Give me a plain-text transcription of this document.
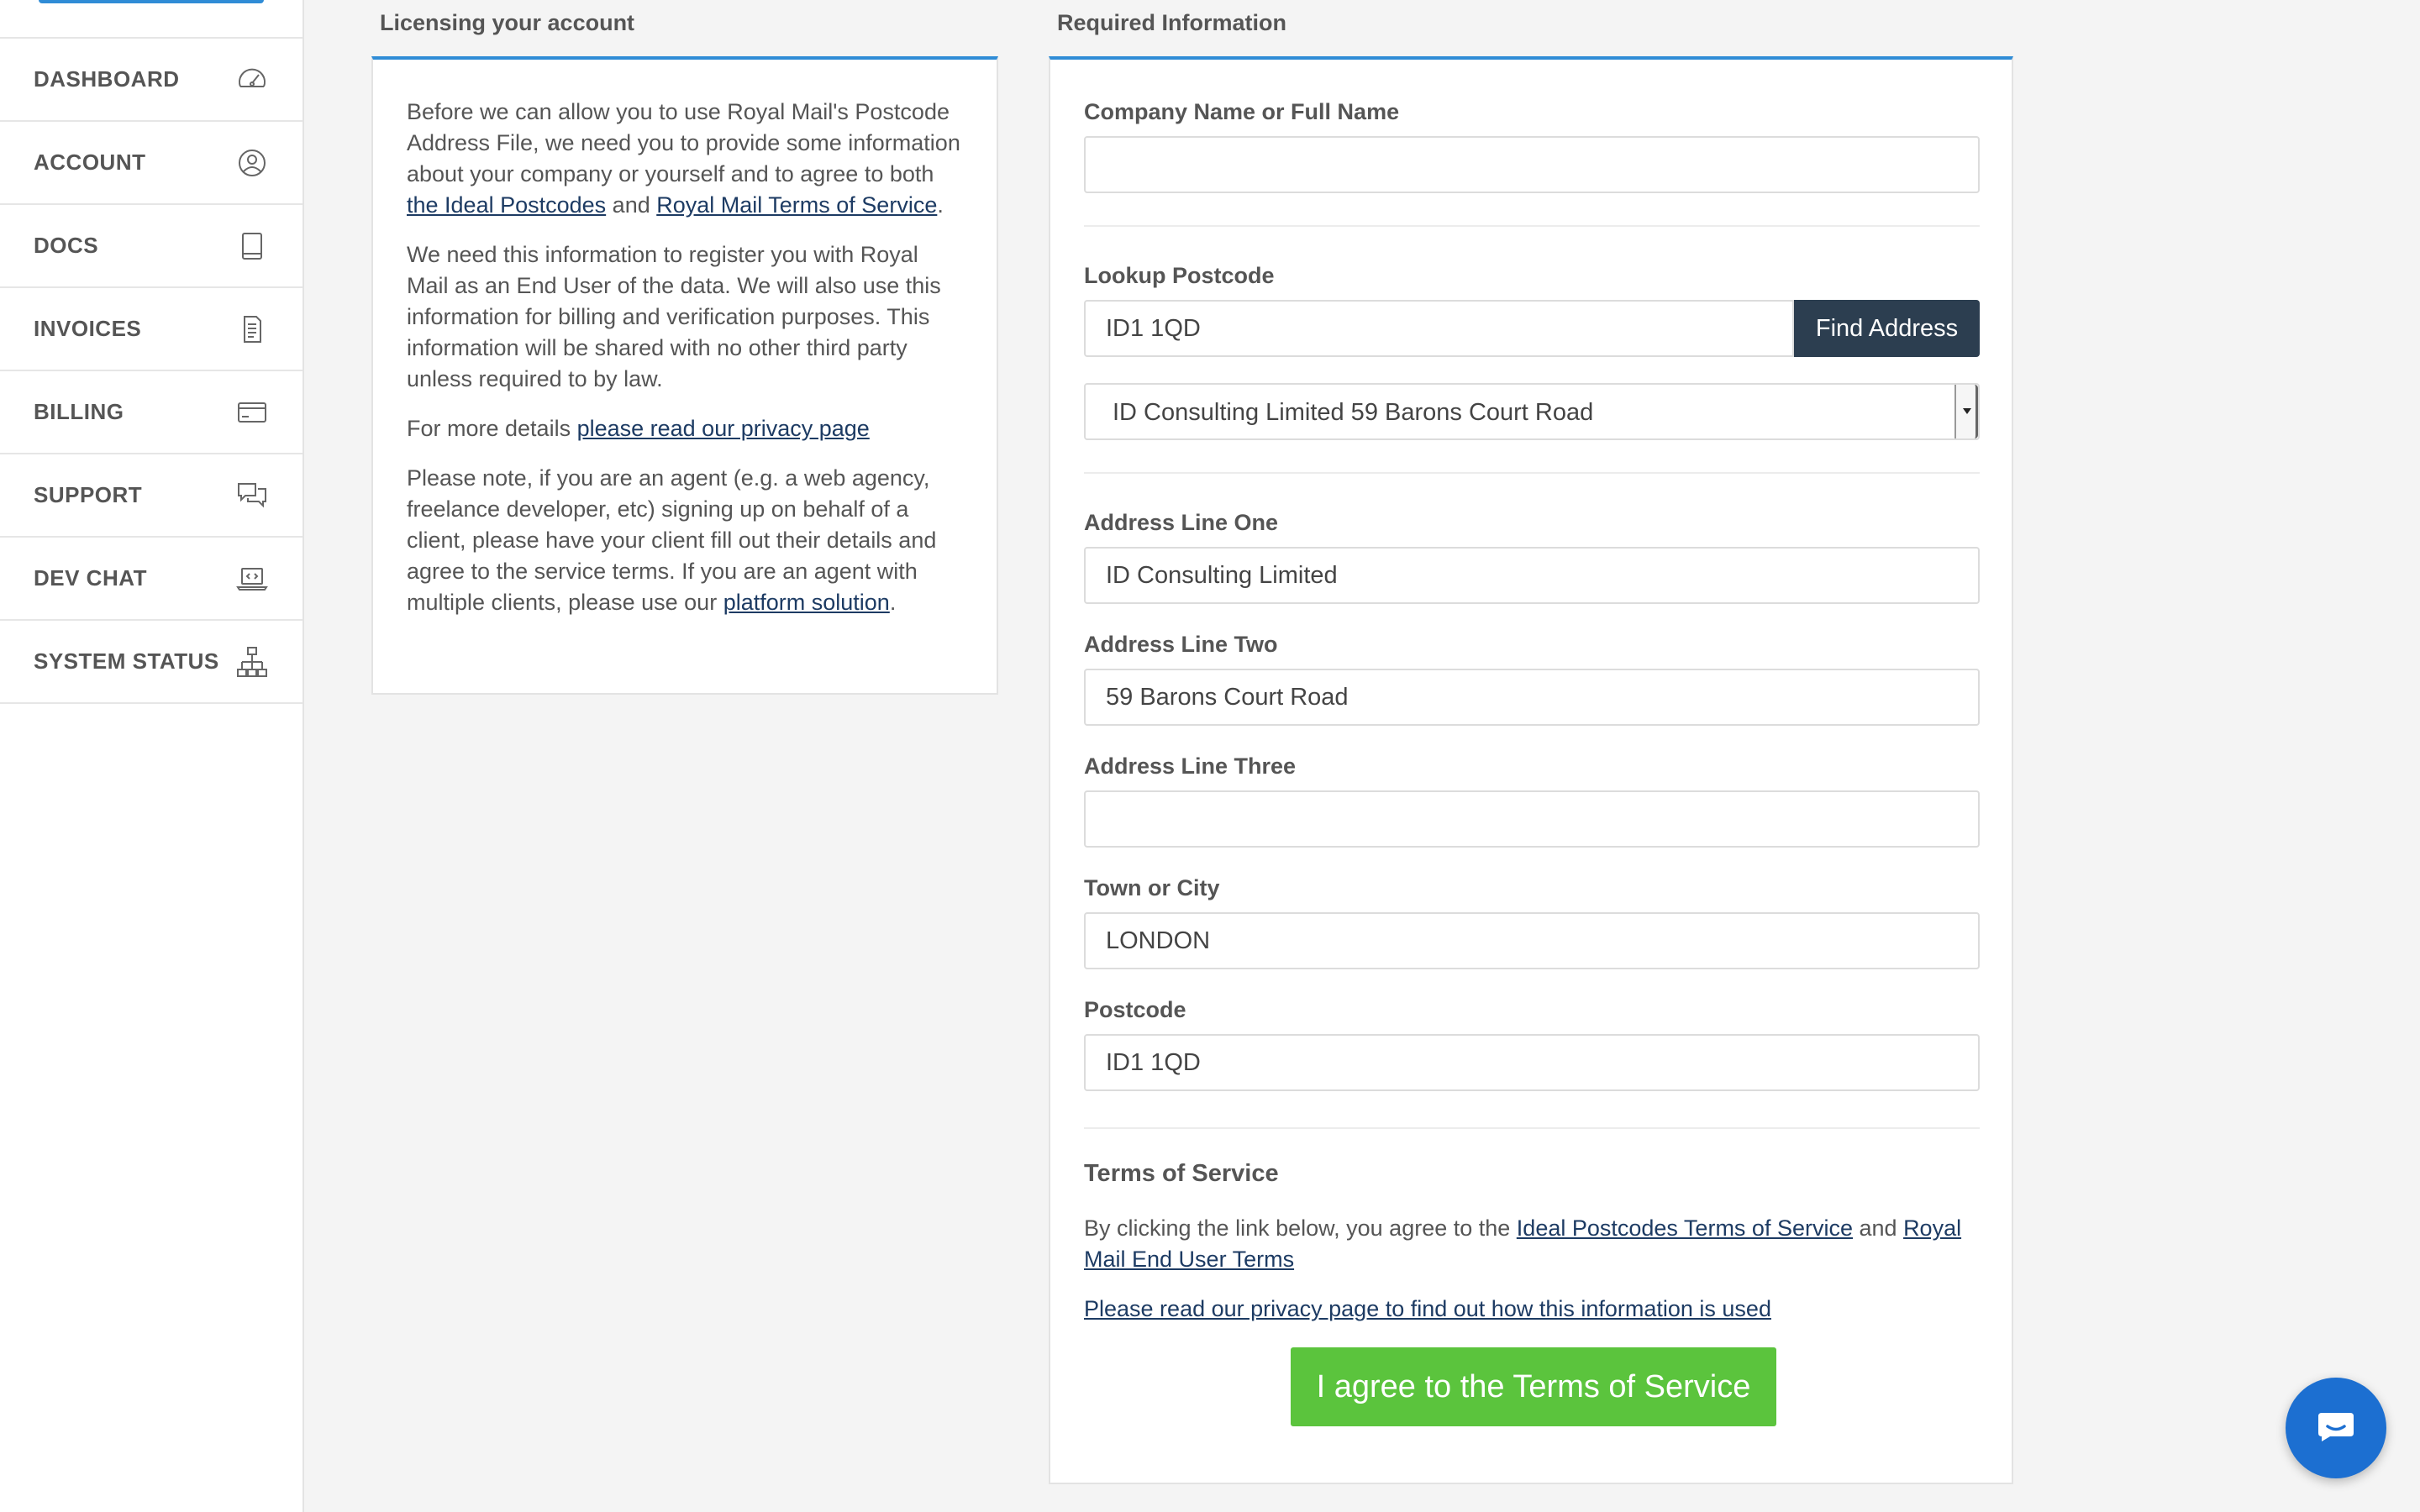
DASHBOARD
ACCOUNT
DOCS
INVOICES
BILLING
SUPPORT
DEV CHAT
SYSTEM STATUS
Licensing your account

Before we can allow you to use Royal Mail's Postcode Address File, we need you to provide some information about your company or yourself and to agree to both the Ideal Postcodes and Royal Mail Terms of Service.

We need this information to register you with Royal Mail as an End User of the data. We will also use this information for billing and verification purposes. This information will be shared with no other third party unless required to by law.

For more details please read our privacy page

Please note, if you are an agent (e.g. a web agency, freelance developer, etc) signing up on behalf of a client, please have your client fill out their details and agree to the service terms. If you are an agent with multiple clients, please use our platform solution.

Required Information
Company Name or Full Name
Lookup Postcode
ID1 1QD
Find Address
ID Consulting Limited 59 Barons Court Road
Address Line One
ID Consulting Limited
Address Line Two
59 Barons Court Road
Address Line Three
Town or City
LONDON
Postcode
ID1 1QD
Terms of Service

By clicking the link below, you agree to the Ideal Postcodes Terms of Service and Royal Mail End User Terms

Please read our privacy page to find out how this information is used

I agree to the Terms of Service
